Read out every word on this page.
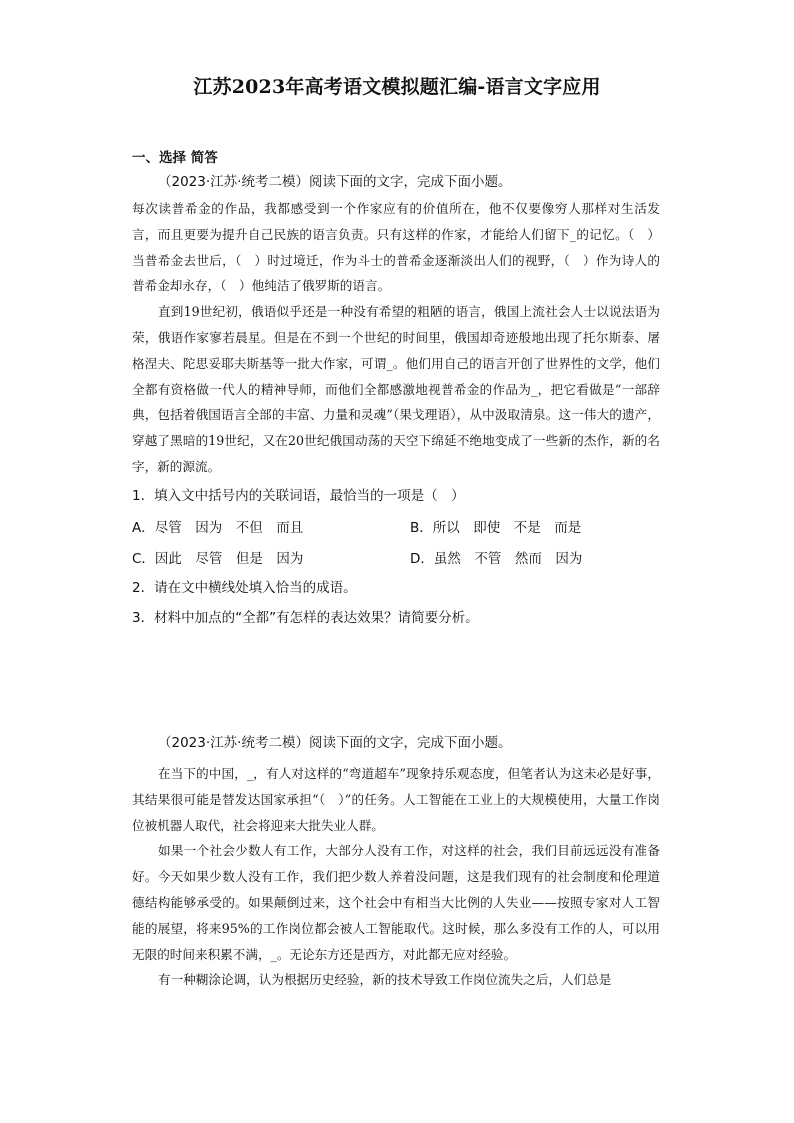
江苏2023年高考语文模拟题汇编-语言文字应用
一、选择 简答
（2023·江苏·统考二模）阅读下面的文字，完成下面小题。

每次读普希金的作品，我都感受到一个作家应有的价值所在，他不仅要像穷人那样对生活发言，而且更要为提升自己民族的语言负责。只有这样的作家，才能给人们留下_的记忆。（　）当普希金去世后，（　）时过境迁，作为斗士的普希金逐渐淡出人们的视野，（　）作为诗人的普希金却永存，（　）他纯洁了俄罗斯的语言。

直到19世纪初，俄语似乎还是一种没有希望的粗陋的语言，俄国上流社会人士以说法语为荣，俄语作家寥若晨星。但是在不到一个世纪的时间里，俄国却奇迹般地出现了托尔斯泰、屠格涅夫、陀思妥耶夫斯基等一批大作家，可谓_。他们用自己的语言开创了世界性的文学，他们全都有资格做一代人的精神导师，而他们全都感激地视普希金的作品为_，把它看做是“一部辞典，包括着俄国语言全部的丰富、力量和灵魂”（果戈理语），从中汲取清泉。这一伟大的遗产，穿越了黑暗的19世纪，又在20世纪俄国动荡的天空下绵延不绝地变成了一些新的杰作，新的名字，新的源流。

1．填入文中括号内的关联词语，最恰当的一项是（　）

A．尽管　因为　不但　而且	B．所以　即使　不是　而是
C．因此　尽管　但是　因为	D．虽然　不管　然而　因为

2．请在文中横线处填入恰当的成语。

3．材料中加点的“全都”有怎样的表达效果？请简要分析。

（2023·江苏·统考二模）阅读下面的文字，完成下面小题。

在当下的中国，_，有人对这样的“弯道超车”现象持乐观态度，但笔者认为这未必是好事，其结果很可能是替发达国家承担“（　）”的任务。人工智能在工业上的大规模使用，大量工作岗位被机器人取代，社会将迎来大批失业人群。

如果一个社会少数人有工作，大部分人没有工作，对这样的社会，我们目前远远没有准备好。今天如果少数人没有工作，我们把少数人养着没问题，这是我们现有的社会制度和伦理道德结构能够承受的。如果颠倒过来，这个社会中有相当大比例的人失业——按照专家对人工智能的展望，将来95%的工作岗位都会被人工智能取代。这时候，那么多没有工作的人，可以用无限的时间来积累不满，_。无论东方还是西方，对此都无应对经验。

有一种糊涂论调，认为根据历史经验，新的技术导致工作岗位流失之后，人们总是
